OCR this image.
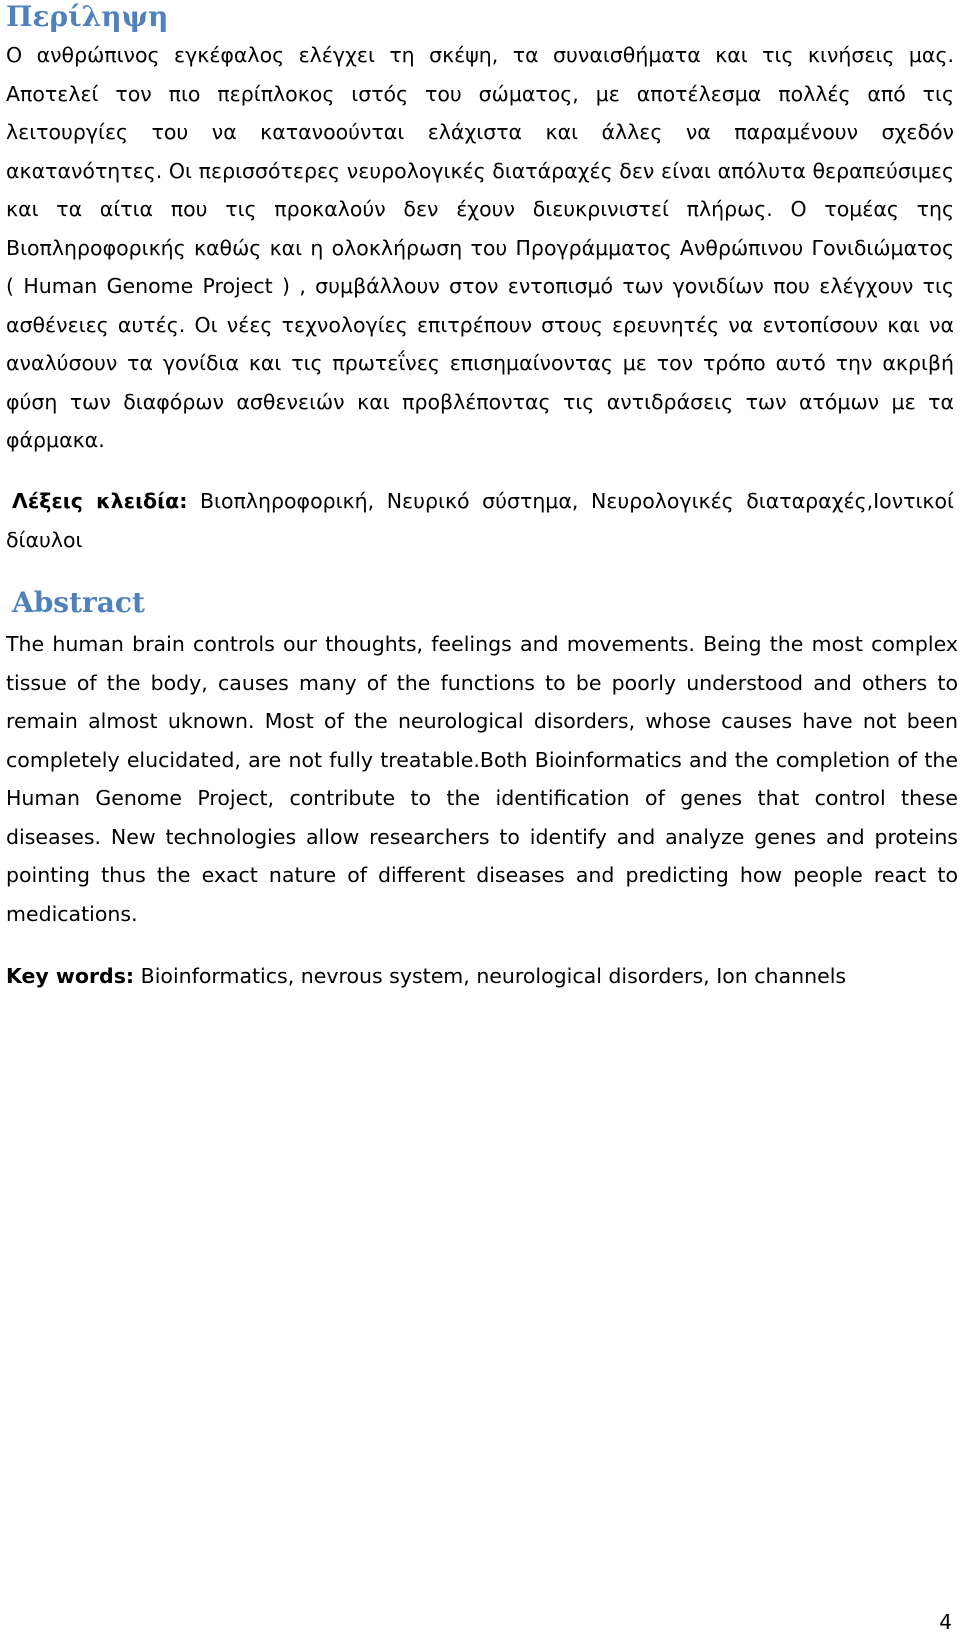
Περίληψη

Ο ανθρώπινος εγκέφαλος ελέγχει τη σκέψη, τα συναισθήματα και τις κινήσεις μας. Αποτελεί τον πιο περίπλοκος ιστός του σώματος, με αποτέλεσμα πολλές από τις λειτουργίες του να κατανοούνται ελάχιστα και άλλες να παραμένουν σχεδόν ακατανότητες. Οι περισσότερες νευρολογικές διατάραχές δεν είναι απόλυτα θεραπεύσιμες και τα αίτια που τις προκαλούν δεν έχουν διευκρινιστεί πλήρως. Ο τομέας της Βιοπληροφορικής καθώς και η ολοκλήρωση του Προγράμματος Ανθρώπινου Γονιδιώματος ( Human Genome Project ) , συμβάλλουν στον εντοπισμό των γονιδίων που ελέγχουν τις ασθένειες αυτές. Οι νέες τεχνολογίες επιτρέπουν στους ερευνητές να εντοπίσουν και να αναλύσουν τα γονίδια και τις πρωτεΐνες επισημαίνοντας με τον τρόπο αυτό την ακριβή φύση των διαφόρων ασθενειών και προβλέποντας τις αντιδράσεις των ατόμων με τα φάρμακα.

Λέξεις κλειδία: Βιοπληροφορική, Νευρικό σύστημα, Νευρολογικές διαταραχές,Ιοντικοί δίαυλοι

Abstract

The human brain controls our thoughts, feelings and movements. Being the most complex tissue of the body, causes many of the functions to be poorly understood and others to remain almost uknown. Most of the neurological disorders, whose causes have not been completely elucidated, are not fully treatable.Both Bioinformatics and the completion of the Human Genome Project, contribute to the identification of genes that control these diseases. New technologies allow researchers to identify and analyze genes and proteins pointing thus the exact nature of different diseases and predicting how people react to medications.

Key words: Bioinformatics, nevrous system, neurological disorders, Ion channels

4
